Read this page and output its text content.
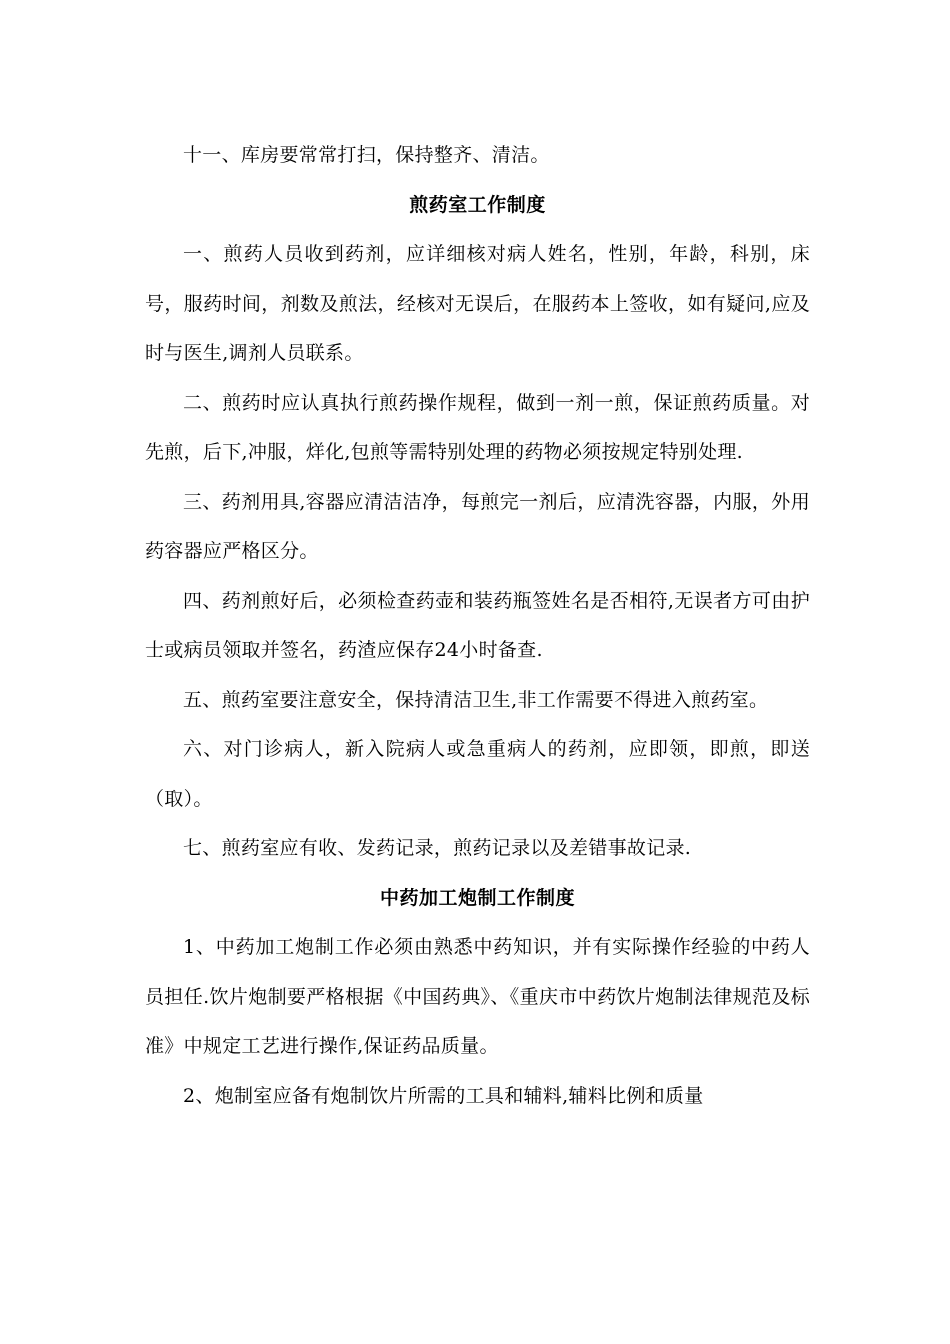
十一、库房要常常打扫，保持整齐、清洁。

煎药室工作制度

一、煎药人员收到药剂，应详细核对病人姓名，性别，年龄，科别，床号，服药时间，剂数及煎法，经核对无误后，在服药本上签收，如有疑问,应及时与医生,调剂人员联系。

二、煎药时应认真执行煎药操作规程，做到一剂一煎，保证煎药质量。对先煎，后下,冲服，烊化,包煎等需特别处理的药物必须按规定特别处理.

三、药剂用具,容器应清洁洁净，每煎完一剂后，应清洗容器，内服，外用药容器应严格区分。

四、药剂煎好后，必须检查药壶和装药瓶签姓名是否相符,无误者方可由护士或病员领取并签名，药渣应保存24小时备查.

五、煎药室要注意安全，保持清洁卫生,非工作需要不得进入煎药室。

六、对门诊病人，新入院病人或急重病人的药剂，应即领，即煎，即送（取）。

七、煎药室应有收、发药记录，煎药记录以及差错事故记录.

中药加工炮制工作制度

1、中药加工炮制工作必须由熟悉中药知识，并有实际操作经验的中药人员担任.饮片炮制要严格根据《中国药典》、《重庆市中药饮片炮制法律规范及标准》中规定工艺进行操作,保证药品质量。

2、炮制室应备有炮制饮片所需的工具和辅料,辅料比例和质量
